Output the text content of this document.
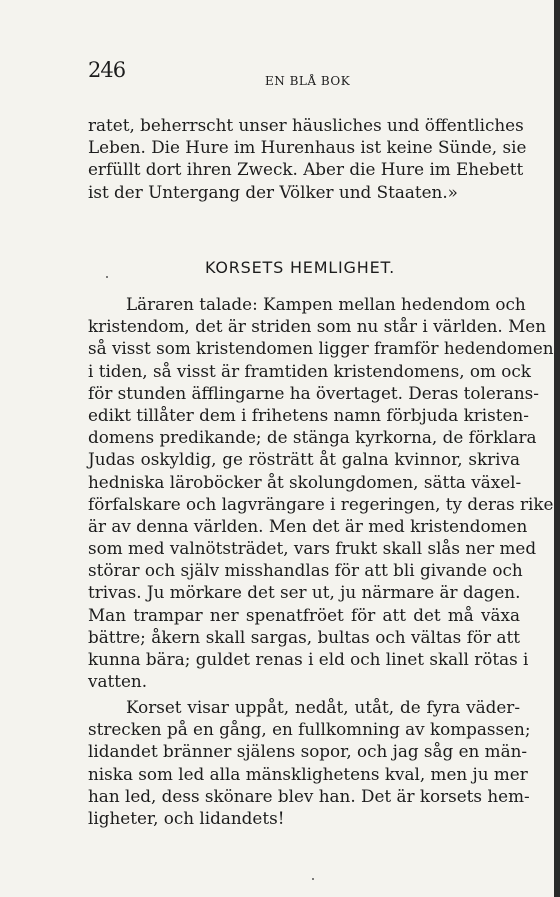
246	EN BLÅ BOK
ratet, beherrscht unser häusliches und öffentliches
Leben. Die Hure im Hurenhaus ist keine Sünde, sie
erfüllt dort ihren Zweck. Aber die Hure im Ehebett
ist der Untergang der Völker und Staaten.»
KORSETS HEMLIGHET.
Läraren talade: Kampen mellan hedendom och
kristendom, det är striden som nu står i världen. Men
så visst som kristendomen ligger framför hedendomen
i tiden, så visst är framtiden kristendomens, om ock
för stunden äfflingarne ha övertaget. Deras tolerans-
edikt tillåter dem i frihetens namn förbjuda kristen-
domens predikande; de stänga kyrkorna, de förklara
Judas oskyldig, ge rösträtt åt galna kvinnor, skriva
hedniska läroböcker åt skolungdomen, sätta växel-
förfalskare och lagvrängare i regeringen, ty deras rike
är av denna världen. Men det är med kristendomen
som med valnötsträdet, vars frukt skall slås ner med
störar och själv misshandlas för att bli givande och
trivas. Ju mörkare det ser ut, ju närmare är dagen.
Man trampar ner spenatfröet för att det må växa
bättre; åkern skall sargas, bultas och vältas för att
kunna bära; guldet renas i eld och linet skall rötas i
vatten.
Korset visar uppåt, nedåt, utåt, de fyra väder-
strecken på en gång, en fullkomning av kompassen;
lidandet bränner själens sopor, och jag såg en män-
niska som led alla mänsklighetens kval, men ju mer
han led, dess skönare blev han. Det är korsets hem-
ligheter, och lidandets!
